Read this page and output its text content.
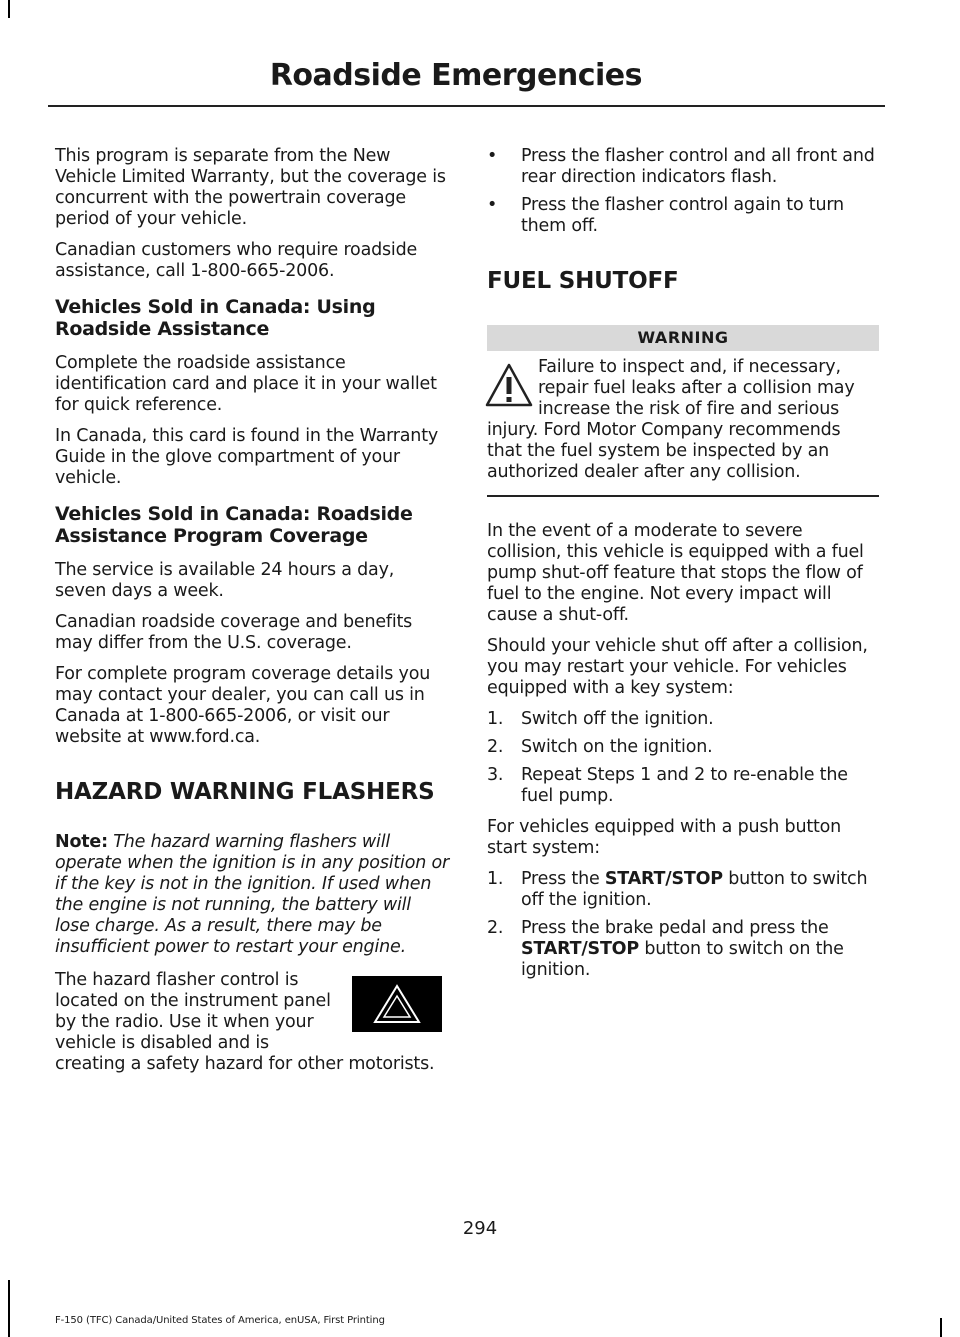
Roadside Emergencies

This program is separate from the New Vehicle Limited Warranty, but the coverage is concurrent with the powertrain coverage period of your vehicle.

Canadian customers who require roadside assistance, call 1-800-665-2006.

Vehicles Sold in Canada: Using Roadside Assistance

Complete the roadside assistance identification card and place it in your wallet for quick reference.

In Canada, this card is found in the Warranty Guide in the glove compartment of your vehicle.

Vehicles Sold in Canada: Roadside Assistance Program Coverage

The service is available 24 hours a day, seven days a week.

Canadian roadside coverage and benefits may differ from the U.S. coverage.

For complete program coverage details you may contact your dealer, you can call us in Canada at 1-800-665-2006, or visit our website at www.ford.ca.

HAZARD WARNING FLASHERS

Note: The hazard warning flashers will operate when the ignition is in any position or if the key is not in the ignition. If used when the engine is not running, the battery will lose charge. As a result, there may be insufficient power to restart your engine.

The hazard flasher control is located on the instrument panel by the radio. Use it when your vehicle is disabled and is creating a safety hazard for other motorists.

•	Press the flasher control and all front and rear direction indicators flash.
•	Press the flasher control again to turn them off.
FUEL SHUTOFF
WARNING
Failure to inspect and, if necessary, repair fuel leaks after a collision may increase the risk of fire and serious injury. Ford Motor Company recommends that the fuel system be inspected by an authorized dealer after any collision.

In the event of a moderate to severe collision, this vehicle is equipped with a fuel pump shut-off feature that stops the flow of fuel to the engine. Not every impact will cause a shut-off.

Should your vehicle shut off after a collision, you may restart your vehicle. For vehicles equipped with a key system:

1.	Switch off the ignition.
2.	Switch on the ignition.
3.	Repeat Steps 1 and 2 to re-enable the fuel pump.

For vehicles equipped with a push button start system:

1.	Press the START/STOP button to switch off the ignition.
2.	Press the brake pedal and press the START/STOP button to switch on the ignition.
294
F-150 (TFC) Canada/United States of America, enUSA, First Printing
